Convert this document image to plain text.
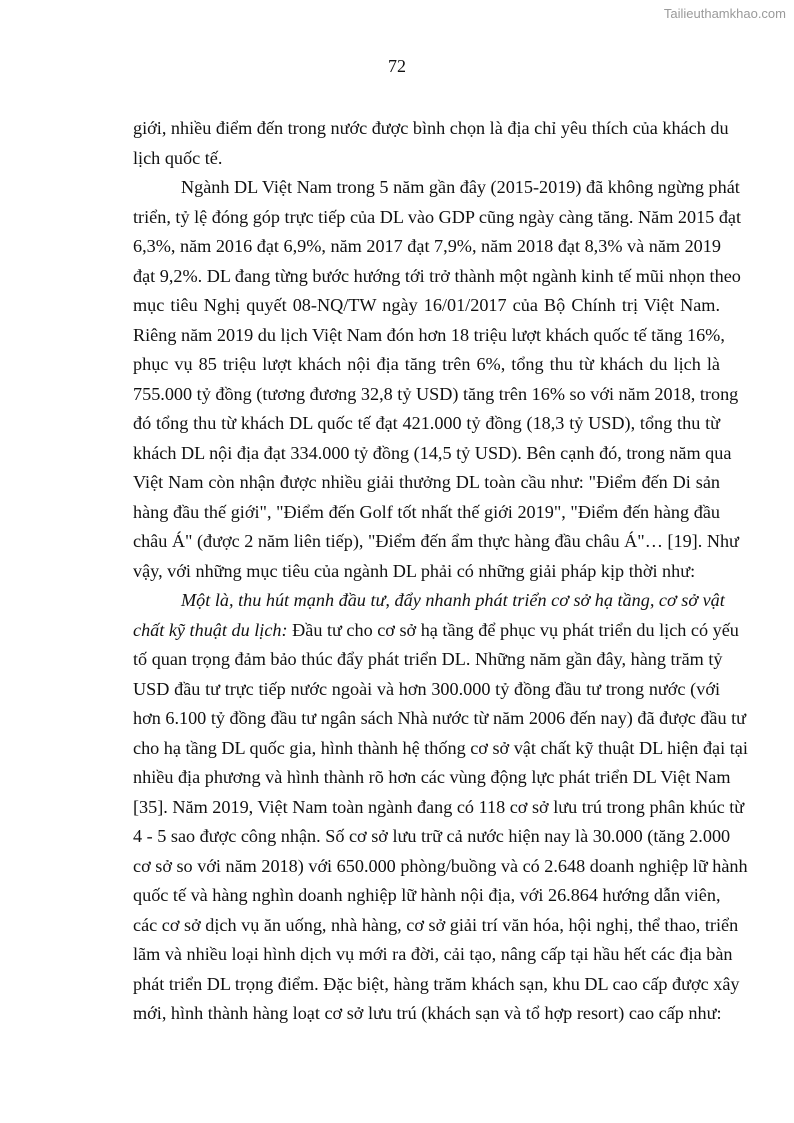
Tailieuthamkhao.com
72
giới, nhiều điểm đến trong nước được bình chọn là địa chỉ yêu thích của khách du
lịch quốc tế.
Ngành DL Việt Nam trong 5 năm gần đây (2015-2019) đã không ngừng phát
triển, tỷ lệ đóng góp trực tiếp của DL vào GDP cũng ngày càng tăng. Năm 2015 đạt
6,3%, năm 2016 đạt 6,9%, năm 2017 đạt 7,9%, năm 2018 đạt 8,3% và năm 2019
đạt 9,2%. DL đang từng bước hướng tới trở thành một ngành kinh tế mũi nhọn theo
mục tiêu Nghị quyết 08-NQ/TW ngày 16/01/2017 của Bộ Chính trị Việt Nam.
Riêng năm 2019 du lịch Việt Nam đón hơn 18 triệu lượt khách quốc tế tăng 16%,
phục vụ 85 triệu lượt khách nội địa tăng trên 6%, tổng thu từ khách du lịch là
755.000 tỷ đồng (tương đương 32,8 tỷ USD) tăng trên 16% so với năm 2018, trong
đó tổng thu từ khách DL quốc tế đạt 421.000 tỷ đồng (18,3 tỷ USD), tổng thu từ
khách DL nội địa đạt 334.000 tỷ đồng (14,5 tỷ USD). Bên cạnh đó, trong năm qua
Việt Nam còn nhận được nhiều giải thưởng DL toàn cầu như: "Điểm đến Di sản
hàng đầu thế giới", "Điểm đến Golf tốt nhất thế giới 2019", "Điểm đến hàng đầu
châu Á" (được 2 năm liên tiếp), "Điểm đến ẩm thực hàng đầu châu Á"… [19]. Như
vậy, với những mục tiêu của ngành DL phải có những giải pháp kịp thời như:
Một là, thu hút mạnh đầu tư, đẩy nhanh phát triển cơ sở hạ tầng, cơ sở vật
chất kỹ thuật du lịch: Đầu tư cho cơ sở hạ tầng để phục vụ phát triển du lịch có yếu
tố quan trọng đảm bảo thúc đẩy phát triển DL. Những năm gần đây, hàng trăm tỷ
USD đầu tư trực tiếp nước ngoài và hơn 300.000 tỷ đồng đầu tư trong nước (với
hơn 6.100 tỷ đồng đầu tư ngân sách Nhà nước từ năm 2006 đến nay) đã được đầu tư
cho hạ tầng DL quốc gia, hình thành hệ thống cơ sở vật chất kỹ thuật DL hiện đại tại
nhiều địa phương và hình thành rõ hơn các vùng động lực phát triển DL Việt Nam
[35]. Năm 2019, Việt Nam toàn ngành đang có 118 cơ sở lưu trú trong phân khúc từ
4 - 5 sao được công nhận. Số cơ sở lưu trữ cả nước hiện nay là 30.000 (tăng 2.000
cơ sở so với năm 2018) với 650.000 phòng/buồng và có 2.648 doanh nghiệp lữ hành
quốc tế và hàng nghìn doanh nghiệp lữ hành nội địa, với 26.864 hướng dẫn viên,
các cơ sở dịch vụ ăn uống, nhà hàng, cơ sở giải trí văn hóa, hội nghị, thể thao, triển
lãm và nhiều loại hình dịch vụ mới ra đời, cải tạo, nâng cấp tại hầu hết các địa bàn
phát triển DL trọng điểm. Đặc biệt, hàng trăm khách sạn, khu DL cao cấp được xây
mới, hình thành hàng loạt cơ sở lưu trú (khách sạn và tổ hợp resort) cao cấp như:
